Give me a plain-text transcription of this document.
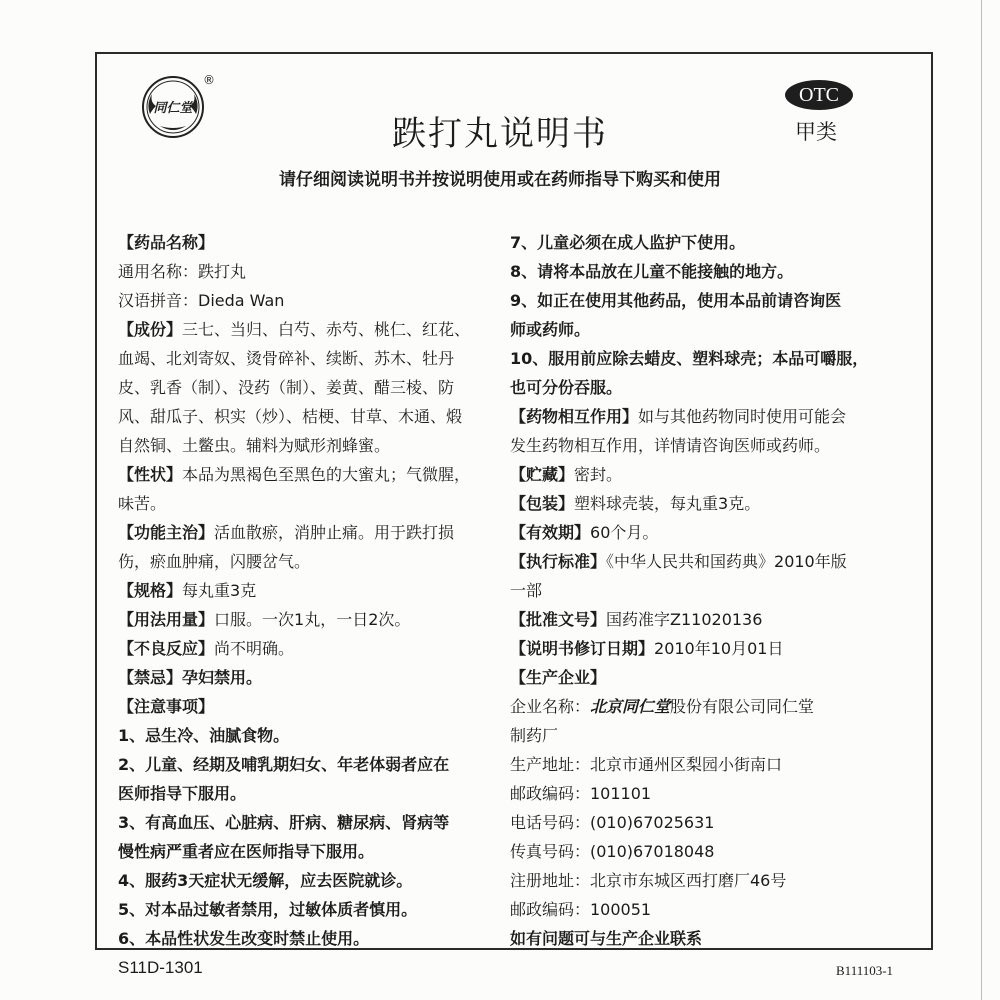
同仁堂
®
跌打丸说明书
OTC
甲类
请仔细阅读说明书并按说明使用或在药师指导下购买和使用
【药品名称】
通用名称：跌打丸
汉语拼音：Dieda Wan
【成份】三七、当归、白芍、赤芍、桃仁、红花、
血竭、北刘寄奴、烫骨碎补、续断、苏木、牡丹
皮、乳香（制）、没药（制）、姜黄、醋三棱、防
风、甜瓜子、枳实（炒）、桔梗、甘草、木通、煅
自然铜、土鳖虫。辅料为赋形剂蜂蜜。
【性状】本品为黑褐色至黑色的大蜜丸；气微腥，
味苦。
【功能主治】活血散瘀，消肿止痛。用于跌打损
伤，瘀血肿痛，闪腰岔气。
【规格】每丸重3克
【用法用量】口服。一次1丸，一日2次。
【不良反应】尚不明确。
【禁忌】孕妇禁用。
【注意事项】
1、忌生冷、油腻食物。
2、儿童、经期及哺乳期妇女、年老体弱者应在
医师指导下服用。
3、有高血压、心脏病、肝病、糖尿病、肾病等
慢性病严重者应在医师指导下服用。
4、服药3天症状无缓解，应去医院就诊。
5、对本品过敏者禁用，过敏体质者慎用。
6、本品性状发生改变时禁止使用。
7、儿童必须在成人监护下使用。
8、请将本品放在儿童不能接触的地方。
9、如正在使用其他药品，使用本品前请咨询医
师或药师。
10、服用前应除去蜡皮、塑料球壳；本品可嚼服，
也可分份吞服。
【药物相互作用】如与其他药物同时使用可能会
发生药物相互作用，详情请咨询医师或药师。
【贮藏】密封。
【包装】塑料球壳装，每丸重3克。
【有效期】60个月。
【执行标准】《中华人民共和国药典》2010年版
一部
【批准文号】国药准字Z11020136
【说明书修订日期】2010年10月01日
【生产企业】
企业名称：北京同仁堂股份有限公司同仁堂
制药厂
生产地址：北京市通州区梨园小街南口
邮政编码：101101
电话号码：(010)67025631
传真号码：(010)67018048
注册地址：北京市东城区西打磨厂46号
邮政编码：100051
如有问题可与生产企业联系
S11D-1301	B111103-1
